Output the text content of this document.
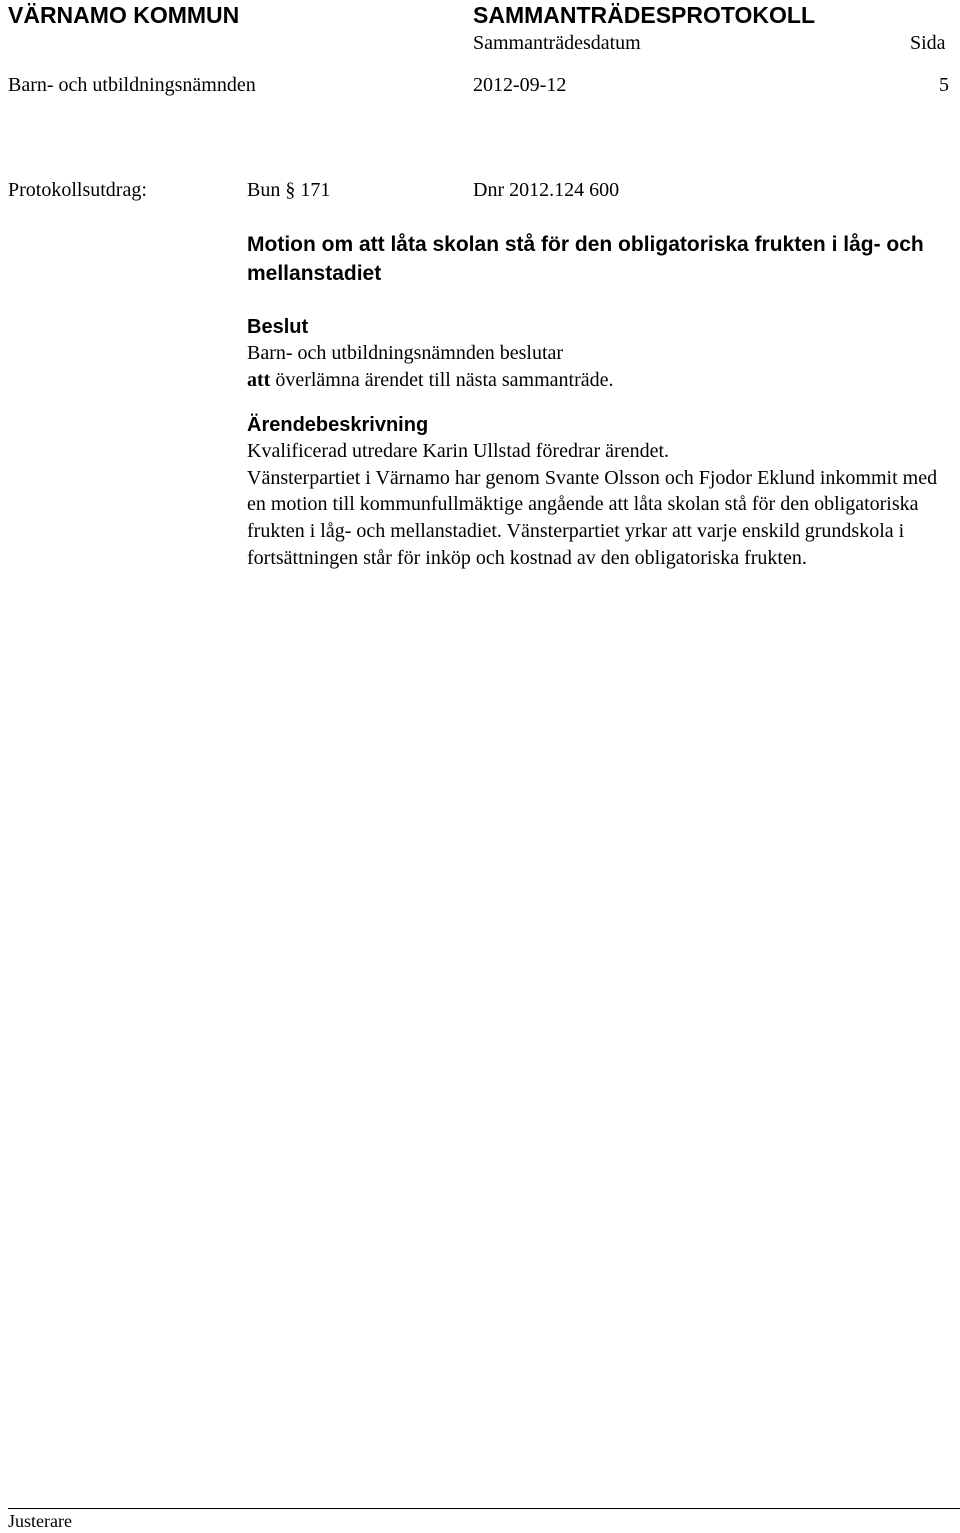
VÄRNAMO KOMMUN	SAMMANTRÄDESPROTOKOLL
Sammanträdesdatum	Sida
Barn- och utbildningsnämnden	2012-09-12	5
Protokollsutdrag:	Bun § 171	Dnr 2012.124 600
Motion om att låta skolan stå för den obligatoriska frukten i låg- och mellanstadiet
Beslut

Barn- och utbildningsnämnden beslutar
att överlämna ärendet till nästa sammanträde.

Ärendebeskrivning

Kvalificerad utredare Karin Ullstad föredrar ärendet.

Vänsterpartiet i Värnamo har genom Svante Olsson och Fjodor Eklund inkommit med en motion till kommunfullmäktige angående att låta skolan stå för den obligatoriska frukten i låg- och mellanstadiet. Vänsterpartiet yrkar att varje enskild grundskola i fortsättningen står för inköp och kostnad av den obligatoriska frukten.

Justerare
